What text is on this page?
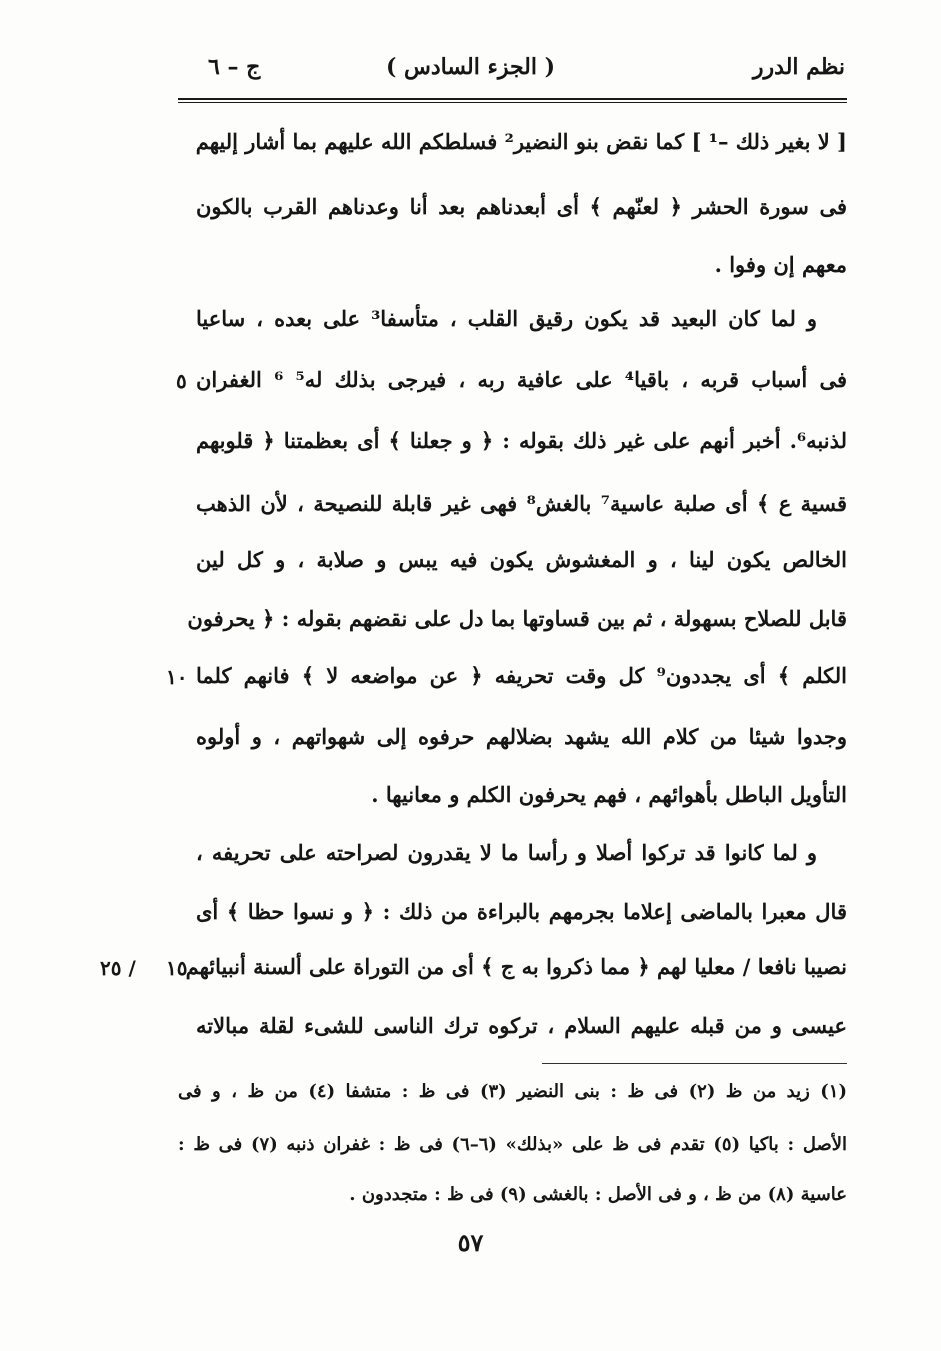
نظم الدرر
( الجزء السادس )
ج – ٦
[ لا بغير ذلك –¹ ] كما نقض بنو النضير² فسلطكم الله عليهم بما أشار إليهم
فى سورة الحشر ﴿ لعنّهم ﴾ أى أبعدناهم بعد أنا وعدناهم القرب بالكون
معهم إن وفوا .
و لما كان البعيد قد يكون رقيق القلب ، متأسفا³ على بعده ، ساعيا
فى أسباب قربه ، باقيا⁴ على عافية ربه ، فيرجى بذلك له⁵ ⁶ الغفران
لذنبه⁶. أخبر أنهم على غير ذلك بقوله : ﴿ و جعلنا ﴾ أى بعظمتنا ﴿ قلوبهم
قسية ع ﴾ أى صلبة عاسية⁷ بالغش⁸ فهى غير قابلة للنصيحة ، لأن الذهب
الخالص يكون لينا ، و المغشوش يكون فيه يبس و صلابة ، و كل لين
قابل للصلاح بسهولة ، ثم بين قساوتها بما دل على نقضهم بقوله : ﴿ يحرفون
الكلم ﴾ أى يجددون⁹ كل وقت تحريفه ﴿ عن مواضعه لا ﴾ فانهم كلما
وجدوا شيئا من كلام الله يشهد بضلالهم حرفوه إلى شهواتهم ، و أولوه
التأويل الباطل بأهوائهم ، فهم يحرفون الكلم و معانيها .
و لما كانوا قد تركوا أصلا و رأسا ما لا يقدرون لصراحته على تحريفه ،
قال معبرا بالماضى إعلاما بجرمهم بالبراءة من ذلك : ﴿ و نسوا حظا ﴾ أى
نصيبا نافعا / معليا لهم ﴿ مما ذكروا به ج ﴾ أى من التوراة على ألسنة أنبيائهم
عيسى و من قبله عليهم السلام ، تركوه ترك الناسى للشىء لقلة مبالاته
٥
١٠
١٥
٢٥ /
(١) زيد من ظ (٢) فى ظ : بنى النضير (٣) فى ظ : متشفا (٤) من ظ ، و فى
الأصل : باكيا (٥) تقدم فى ظ على «بذلك» (٦–٦) فى ظ : غفران ذنبه (٧) فى ظ :
عاسية (٨) من ظ ، و فى الأصل : بالغشى (٩) فى ظ : متجددون .
٥٧
